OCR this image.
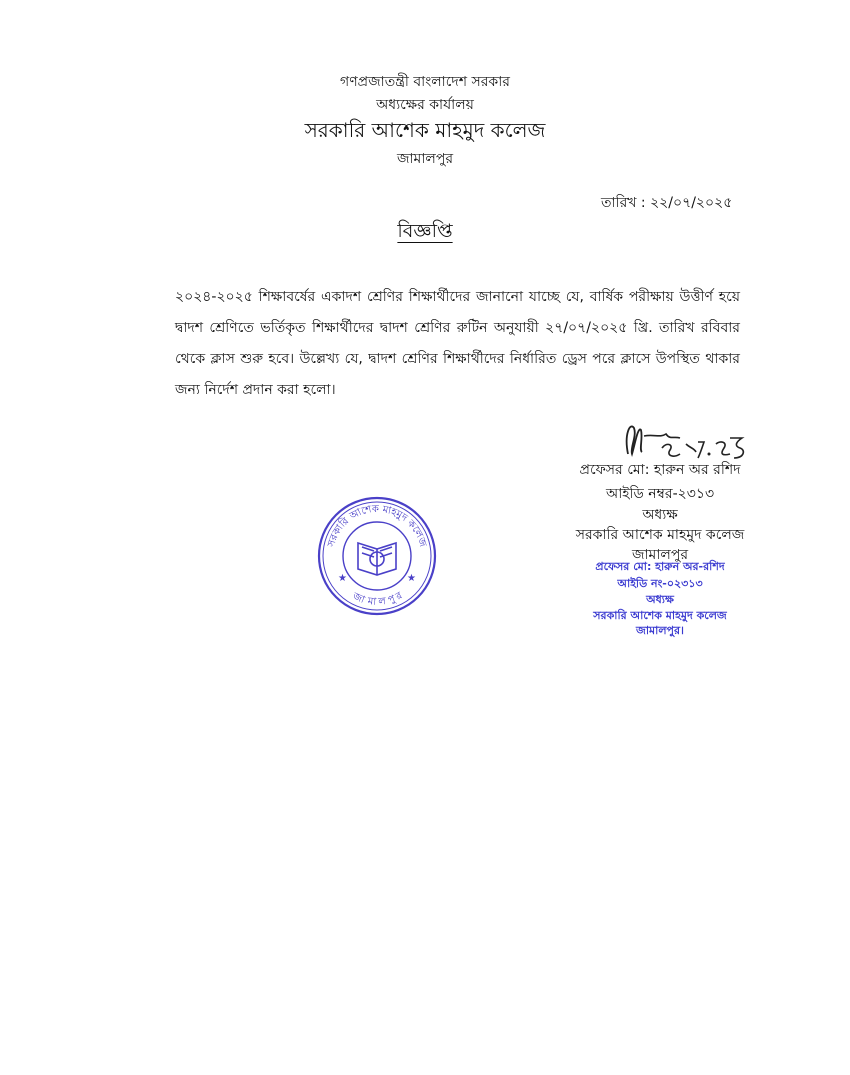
গণপ্রজাতন্ত্রী বাংলাদেশ সরকার
অধ্যক্ষের কার্যালয়
সরকারি আশেক মাহমুদ কলেজ
জামালপুর
তারিখ : ২২/০৭/২০২৫
বিজ্ঞপ্তি
২০২৪-২০২৫ শিক্ষাবর্ষের একাদশ শ্রেণির শিক্ষার্থীদের জানানো যাচ্ছে যে, বার্ষিক পরীক্ষায় উত্তীর্ণ হয়ে দ্বাদশ শ্রেণিতে ভর্তিকৃত শিক্ষার্থীদের দ্বাদশ শ্রেণির রুটিন অনুযায়ী ২৭/০৭/২০২৫ খ্রি. তারিখ রবিবার থেকে ক্লাস শুরু হবে। উল্লেখ্য যে, দ্বাদশ শ্রেণির শিক্ষার্থীদের নির্ধারিত ড্রেস পরে ক্লাসে উপস্থিত থাকার জন্য নির্দেশ প্রদান করা হলো।
প্রফেসর মো: হারুন অর রশিদ
আইডি নম্বর-২৩১৩
অধ্যক্ষ
সরকারি আশেক মাহমুদ কলেজ
জামালপুর
প্রফেসর মো: হারুন অর-রশিদ
আইডি নং-০২৩১৩
অধ্যক্ষ
সরকারি আশেক মাহমুদ কলেজ
জামালপুর।
সরকারি আশেক মাহমুদ কলেজ
জামালপুর
★	★
